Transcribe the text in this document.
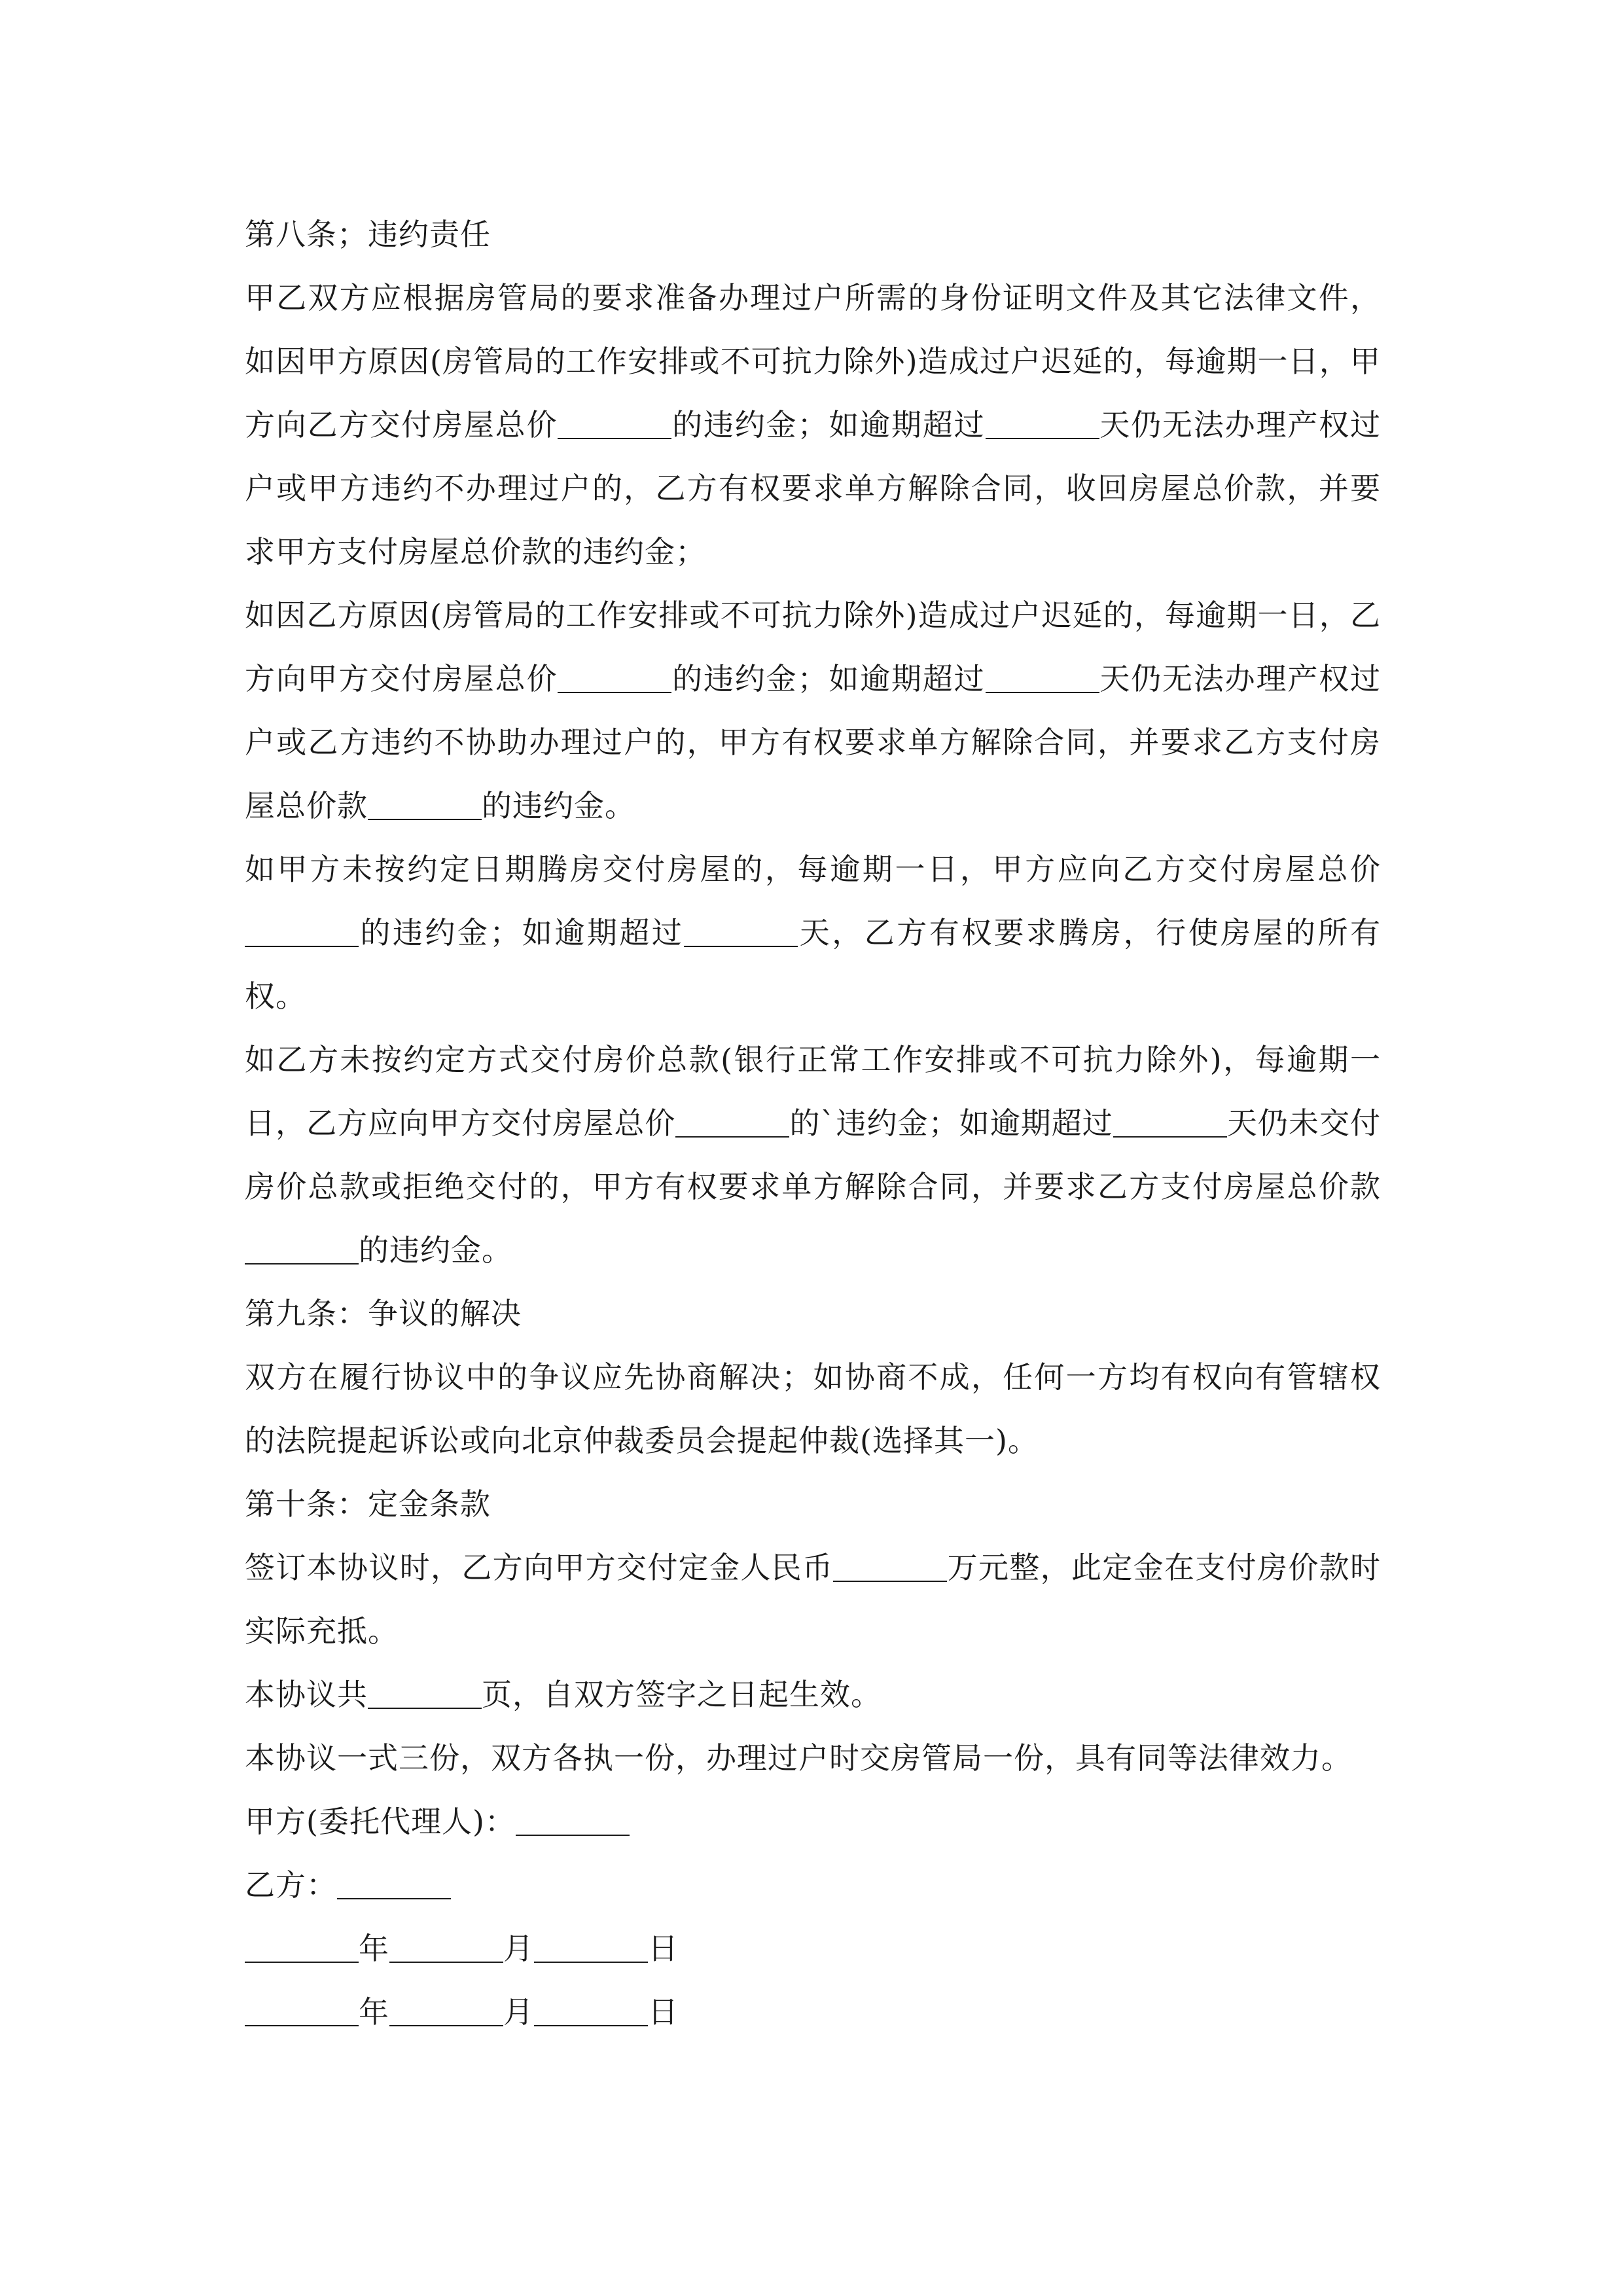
第八条；违约责任

甲乙双方应根据房管局的要求准备办理过户所需的身份证明文件及其它法律文件，如因甲方原因(房管局的工作安排或不可抗力除外)造成过户迟延的，每逾期一日，甲方向乙方交付房屋总价	的违约金；如逾期超过	天仍无法办理产权过户或甲方违约不办理过户的，乙方有权要求单方解除合同，收回房屋总价款，并要求甲方支付房屋总价款的违约金；

如因乙方原因(房管局的工作安排或不可抗力除外)造成过户迟延的，每逾期一日，乙方向甲方交付房屋总价	的违约金；如逾期超过	天仍无法办理产权过户或乙方违约不协助办理过户的，甲方有权要求单方解除合同，并要求乙方支付房屋总价款	的违约金。

如甲方未按约定日期腾房交付房屋的，每逾期一日，甲方应向乙方交付房屋总价的违约金；如逾期超过	天，乙方有权要求腾房，行使房屋的所有权。

如乙方未按约定方式交付房价总款(银行正常工作安排或不可抗力除外)，每逾期一日，乙方应向甲方交付房屋总价	的`违约金；如逾期超过	天仍未交付房价总款或拒绝交付的，甲方有权要求单方解除合同，并要求乙方支付房屋总价款的违约金。

第九条：争议的解决

双方在履行协议中的争议应先协商解决；如协商不成，任何一方均有权向有管辖权的法院提起诉讼或向北京仲裁委员会提起仲裁(选择其一)。

第十条：定金条款

签订本协议时，乙方向甲方交付定金人民币	万元整，此定金在支付房价款时实际充抵。

本协议共	页，自双方签字之日起生效。

本协议一式三份，双方各执一份，办理过户时交房管局一份，具有同等法律效力。

甲方(委托代理人)：

乙方：

年	月	日

年	月	日
